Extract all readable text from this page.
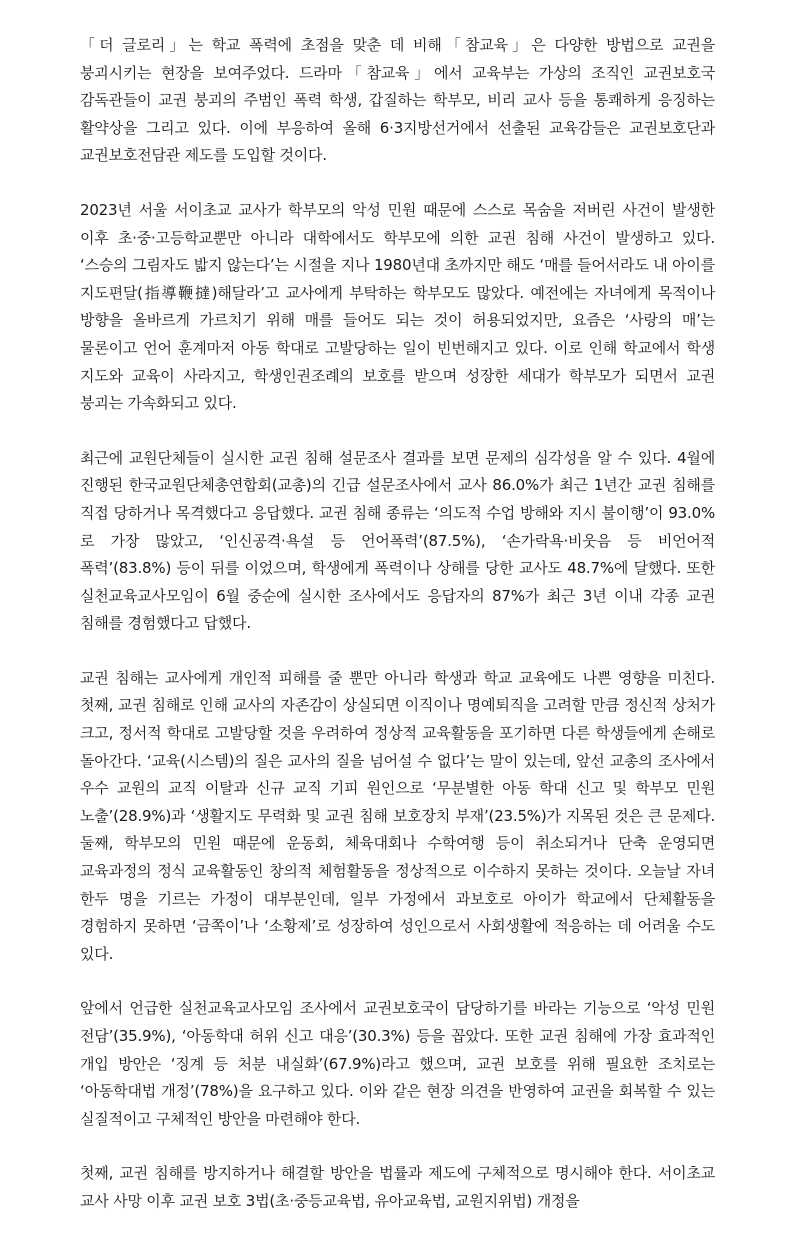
「더 글로리」는 학교 폭력에 초점을 맞춘 데 비해「참교육」은 다양한 방법으로 교권을 붕괴시키는 현장을 보여주었다. 드라마「참교육」에서 교육부는 가상의 조직인 교권보호국 감독관들이 교권 붕괴의 주범인 폭력 학생, 갑질하는 학부모, 비리 교사 등을 통쾌하게 응징하는 활약상을 그리고 있다. 이에 부응하여 올해 6·3지방선거에서 선출된 교육감들은 교권보호단과 교권보호전담관 제도를 도입할 것이다.

2023년 서울 서이초교 교사가 학부모의 악성 민원 때문에 스스로 목숨을 저버린 사건이 발생한 이후 초·중·고등학교뿐만 아니라 대학에서도 학부모에 의한 교권 침해 사건이 발생하고 있다. ‘스승의 그림자도 밟지 않는다’는 시절을 지나 1980년대 초까지만 해도 ‘매를 들어서라도 내 아이를 지도편달(指導鞭撻)해달라’고 교사에게 부탁하는 학부모도 많았다. 예전에는 자녀에게 목적이나 방향을 올바르게 가르치기 위해 매를 들어도 되는 것이 허용되었지만, 요즘은 ‘사랑의 매’는 물론이고 언어 훈계마저 아동 학대로 고발당하는 일이 빈번해지고 있다. 이로 인해 학교에서 학생 지도와 교육이 사라지고, 학생인권조례의 보호를 받으며 성장한 세대가 학부모가 되면서 교권 붕괴는 가속화되고 있다.

최근에 교원단체들이 실시한 교권 침해 설문조사 결과를 보면 문제의 심각성을 알 수 있다. 4월에 진행된 한국교원단체총연합회(교총)의 긴급 설문조사에서 교사 86.0%가 최근 1년간 교권 침해를 직접 당하거나 목격했다고 응답했다. 교권 침해 종류는 ‘의도적 수업 방해와 지시 불이행’이 93.0%로 가장 많았고, ‘인신공격·욕설 등 언어폭력’(87.5%), ‘손가락욕·비웃음 등 비언어적 폭력’(83.8%) 등이 뒤를 이었으며, 학생에게 폭력이나 상해를 당한 교사도 48.7%에 달했다. 또한 실천교육교사모임이 6월 중순에 실시한 조사에서도 응답자의 87%가 최근 3년 이내 각종 교권 침해를 경험했다고 답했다.

교권 침해는 교사에게 개인적 피해를 줄 뿐만 아니라 학생과 학교 교육에도 나쁜 영향을 미친다. 첫째, 교권 침해로 인해 교사의 자존감이 상실되면 이직이나 명예퇴직을 고려할 만큼 정신적 상처가 크고, 정서적 학대로 고발당할 것을 우려하여 정상적 교육활동을 포기하면 다른 학생들에게 손해로 돌아간다. ‘교육(시스템)의 질은 교사의 질을 넘어설 수 없다’는 말이 있는데, 앞선 교총의 조사에서 우수 교원의 교직 이탈과 신규 교직 기피 원인으로 ‘무분별한 아동 학대 신고 및 학부모 민원 노출’(28.9%)과 ‘생활지도 무력화 및 교권 침해 보호장치 부재’(23.5%)가 지목된 것은 큰 문제다. 둘째, 학부모의 민원 때문에 운동회, 체육대회나 수학여행 등이 취소되거나 단축 운영되면 교육과정의 정식 교육활동인 창의적 체험활동을 정상적으로 이수하지 못하는 것이다. 오늘날 자녀 한두 명을 기르는 가정이 대부분인데, 일부 가정에서 과보호로 아이가 학교에서 단체활동을 경험하지 못하면 ‘금쪽이’나 ‘소황제’로 성장하여 성인으로서 사회생활에 적응하는 데 어려울 수도 있다.

앞에서 언급한 실천교육교사모임 조사에서 교권보호국이 담당하기를 바라는 기능으로 ‘악성 민원 전담’(35.9%), ‘아동학대 허위 신고 대응’(30.3%) 등을 꼽았다. 또한 교권 침해에 가장 효과적인 개입 방안은 ‘징계 등 처분 내실화’(67.9%)라고 했으며, 교권 보호를 위해 필요한 조치로는 ‘아동학대법 개정’(78%)을 요구하고 있다. 이와 같은 현장 의견을 반영하여 교권을 회복할 수 있는 실질적이고 구체적인 방안을 마련해야 한다.

첫째, 교권 침해를 방지하거나 해결할 방안을 법률과 제도에 구체적으로 명시해야 한다. 서이초교 교사 사망 이후 교권 보호 3법(초·중등교육법, 유아교육법, 교원지위법) 개정을
